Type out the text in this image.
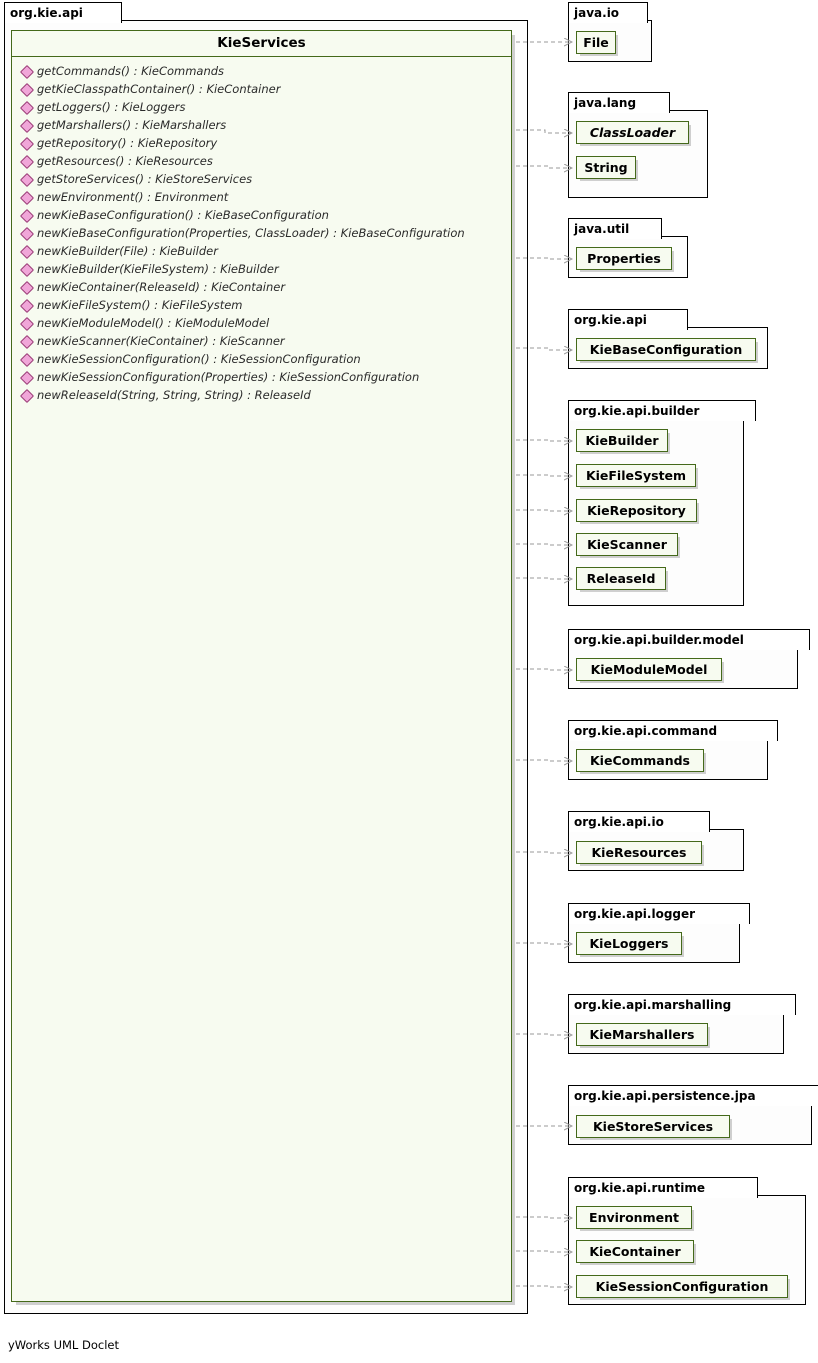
org.kie.api
KieServices
getCommands() : KieCommands
getKieClasspathContainer() : KieContainer
getLoggers() : KieLoggers
getMarshallers() : KieMarshallers
getRepository() : KieRepository
getResources() : KieResources
getStoreServices() : KieStoreServices
newEnvironment() : Environment
newKieBaseConfiguration() : KieBaseConfiguration
newKieBaseConfiguration(Properties, ClassLoader) : KieBaseConfiguration
newKieBuilder(File) : KieBuilder
newKieBuilder(KieFileSystem) : KieBuilder
newKieContainer(ReleaseId) : KieContainer
newKieFileSystem() : KieFileSystem
newKieModuleModel() : KieModuleModel
newKieScanner(KieContainer) : KieScanner
newKieSessionConfiguration() : KieSessionConfiguration
newKieSessionConfiguration(Properties) : KieSessionConfiguration
newReleaseId(String, String, String) : ReleaseId
java.io
File
java.lang
ClassLoader
String
java.util
Properties
org.kie.api
KieBaseConfiguration
org.kie.api.builder
KieBuilder
KieFileSystem
KieRepository
KieScanner
ReleaseId
org.kie.api.builder.model
KieModuleModel
org.kie.api.command
KieCommands
org.kie.api.io
KieResources
org.kie.api.logger
KieLoggers
org.kie.api.marshalling
KieMarshallers
org.kie.api.persistence.jpa
KieStoreServices
org.kie.api.runtime
Environment
KieContainer
KieSessionConfiguration
yWorks UML Doclet
